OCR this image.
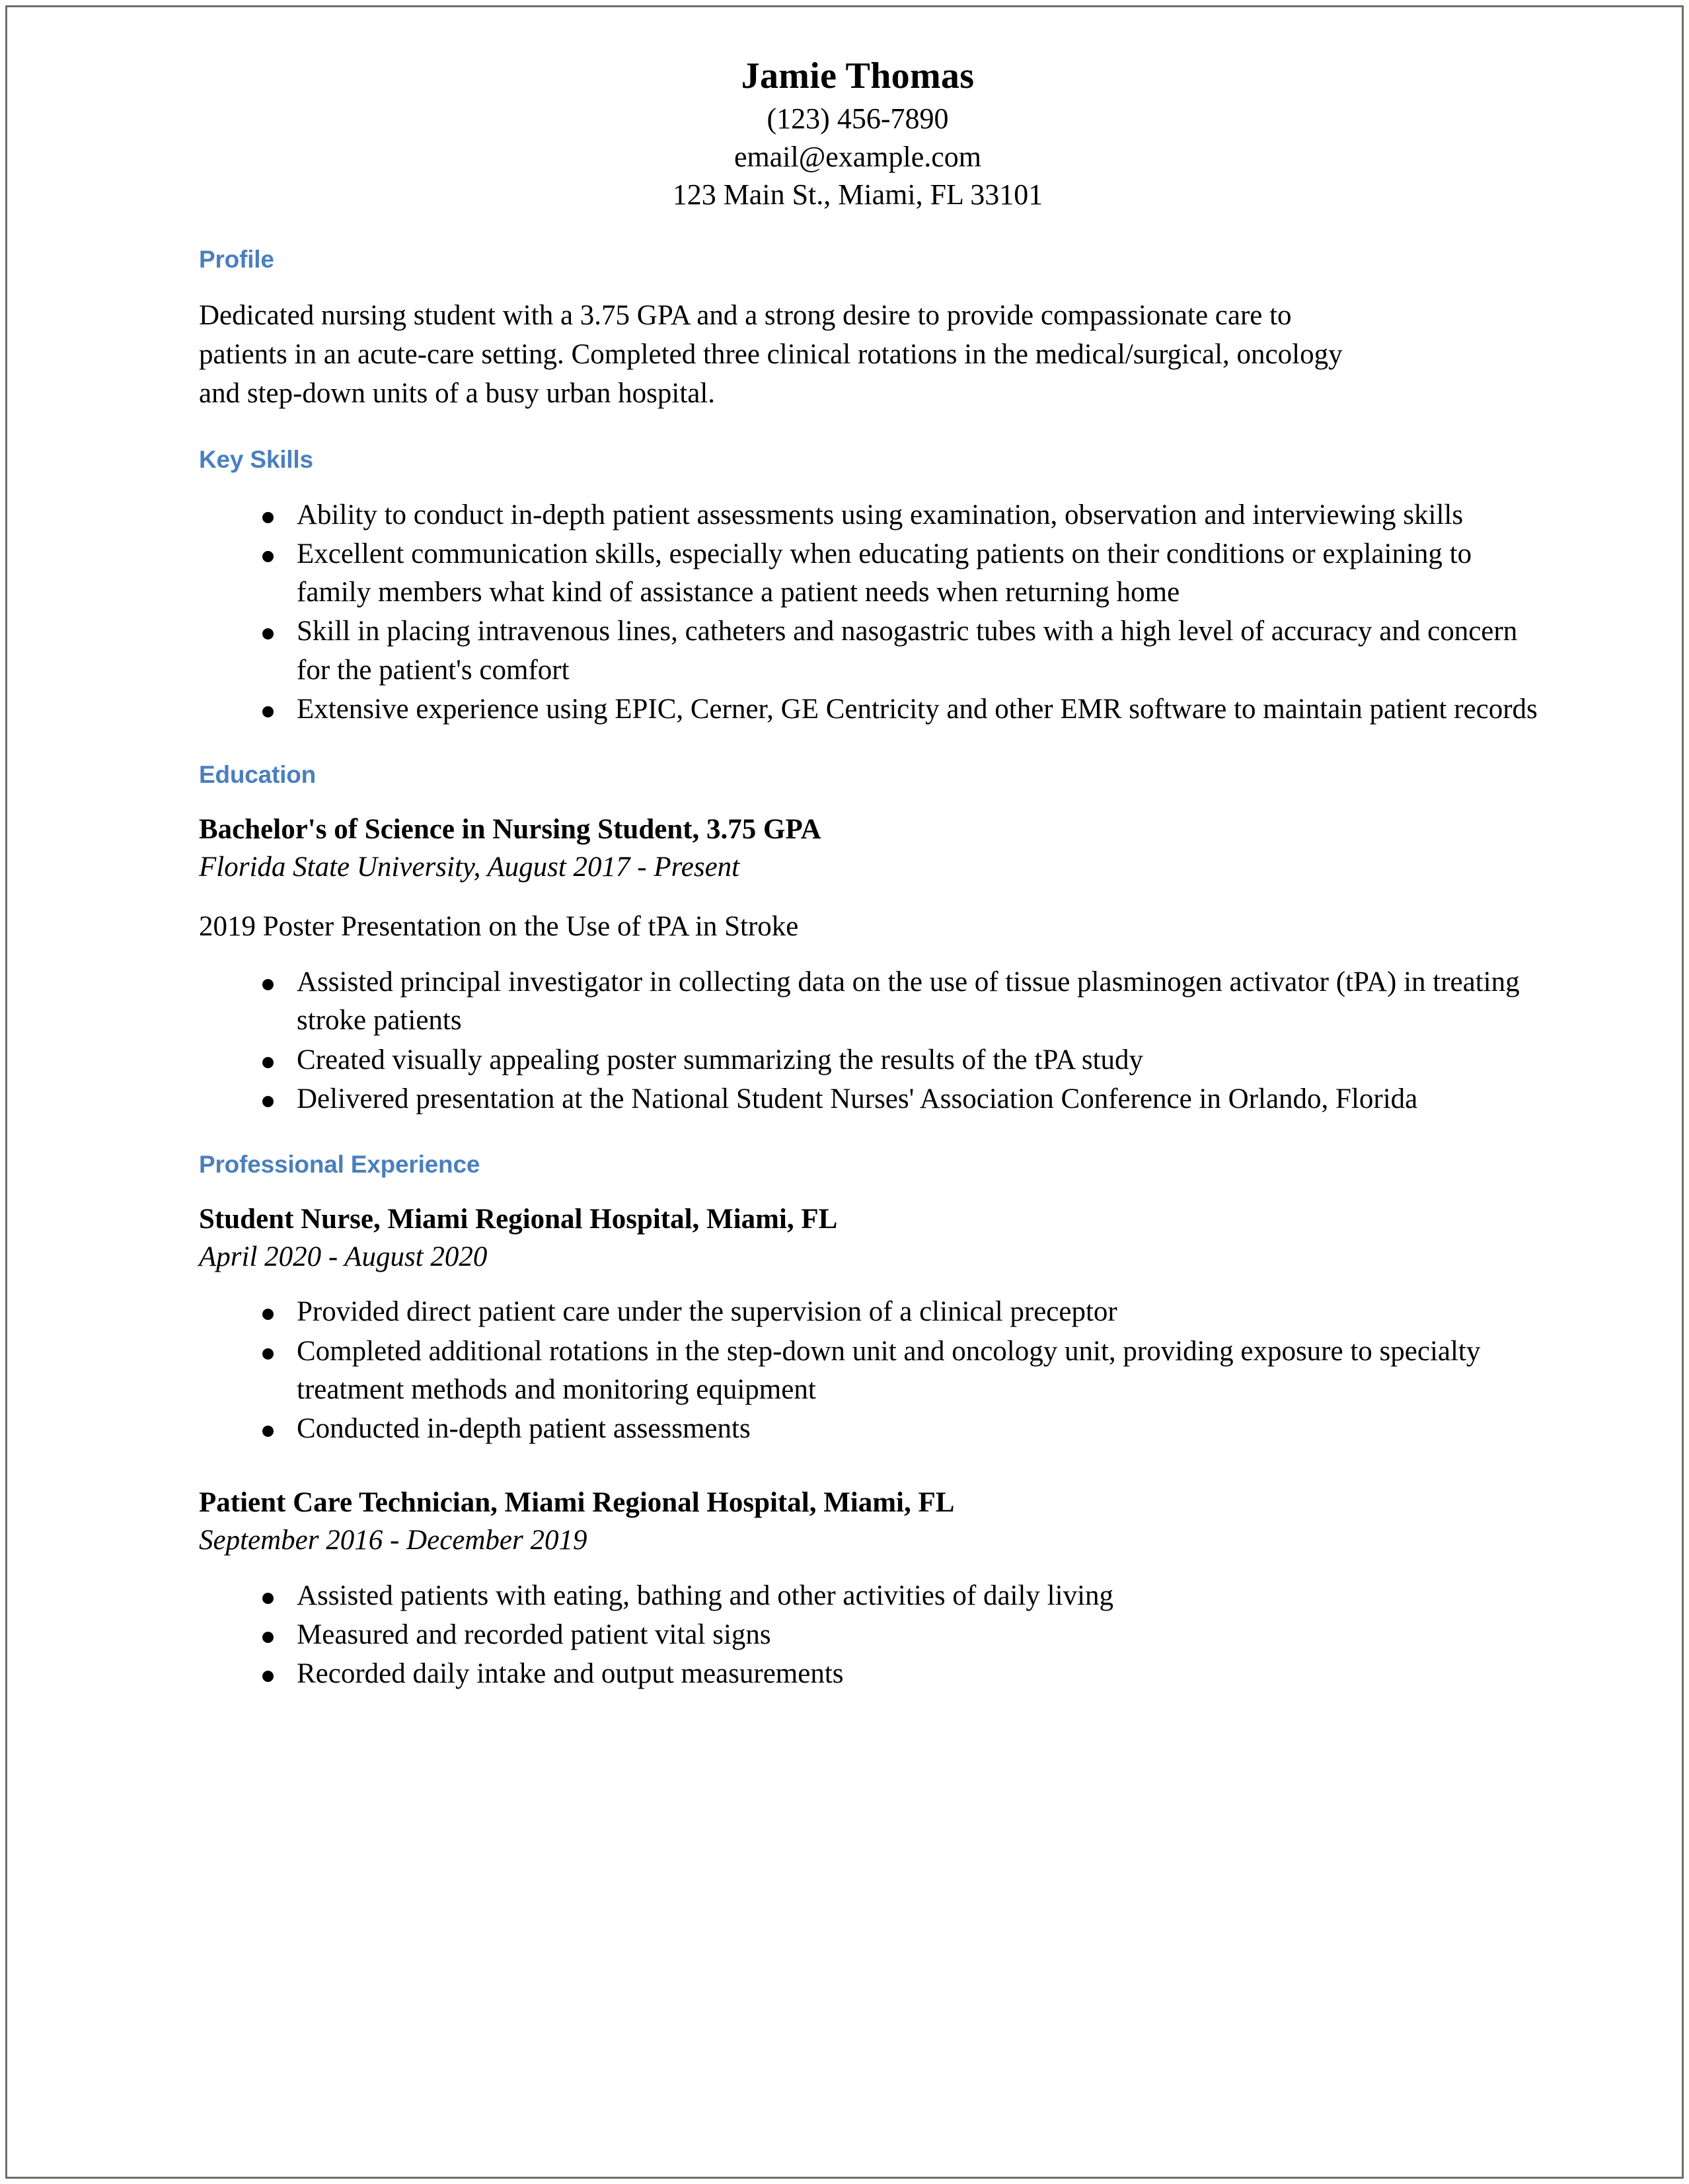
Jamie Thomas
(123) 456-7890
email@example.com
123 Main St., Miami, FL 33101
Profile

Dedicated nursing student with a 3.75 GPA and a strong desire to provide compassionate care to patients in an acute-care setting. Completed three clinical rotations in the medical/surgical, oncology and step-down units of a busy urban hospital.

Key Skills
Ability to conduct in-depth patient assessments using examination, observation and interviewing skills
Excellent communication skills, especially when educating patients on their conditions or explaining to family members what kind of assistance a patient needs when returning home
Skill in placing intravenous lines, catheters and nasogastric tubes with a high level of accuracy and concern for the patient's comfort
Extensive experience using EPIC, Cerner, GE Centricity and other EMR software to maintain patient records
Education

Bachelor's of Science in Nursing Student, 3.75 GPA

Florida State University, August 2017 - Present

2019 Poster Presentation on the Use of tPA in Stroke

Assisted principal investigator in collecting data on the use of tissue plasminogen activator (tPA) in treating stroke patients
Created visually appealing poster summarizing the results of the tPA study
Delivered presentation at the National Student Nurses' Association Conference in Orlando, Florida
Professional Experience

Student Nurse, Miami Regional Hospital, Miami, FL

April 2020 - August 2020

Provided direct patient care under the supervision of a clinical preceptor
Completed additional rotations in the step-down unit and oncology unit, providing exposure to specialty treatment methods and monitoring equipment
Conducted in-depth patient assessments

Patient Care Technician, Miami Regional Hospital, Miami, FL

September 2016 - December 2019

Assisted patients with eating, bathing and other activities of daily living
Measured and recorded patient vital signs
Recorded daily intake and output measurements
